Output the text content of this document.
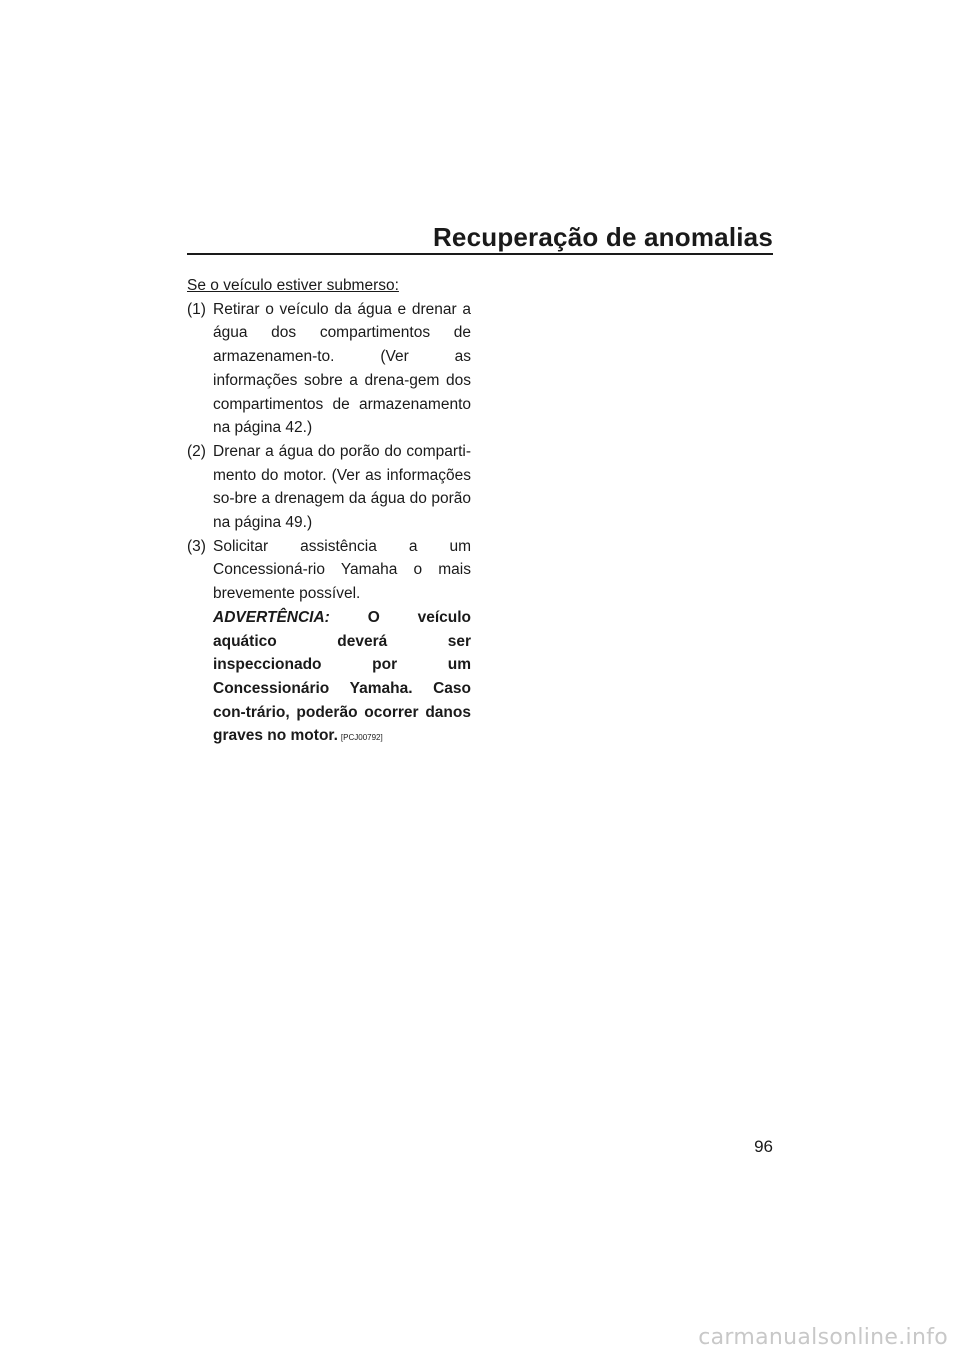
Recuperação de anomalias

Se o veículo estiver submerso:

(1) Retirar o veículo da água e drenar a água dos compartimentos de armazenamen-to. (Ver as informações sobre a drena-gem dos compartimentos de armazenamento na página 42.)

(2) Drenar a água do porão do comparti-mento do motor. (Ver as informações so-bre a drenagem da água do porão na página 49.)

(3) Solicitar assistência a um Concessioná-rio Yamaha o mais brevemente possível.
ADVERTÊNCIA: O veículo aquático deverá ser inspeccionado por um Concessionário Yamaha. Caso con-trário, poderão ocorrer danos graves no motor. [PCJ00792]

96
carmanualsonline.info
